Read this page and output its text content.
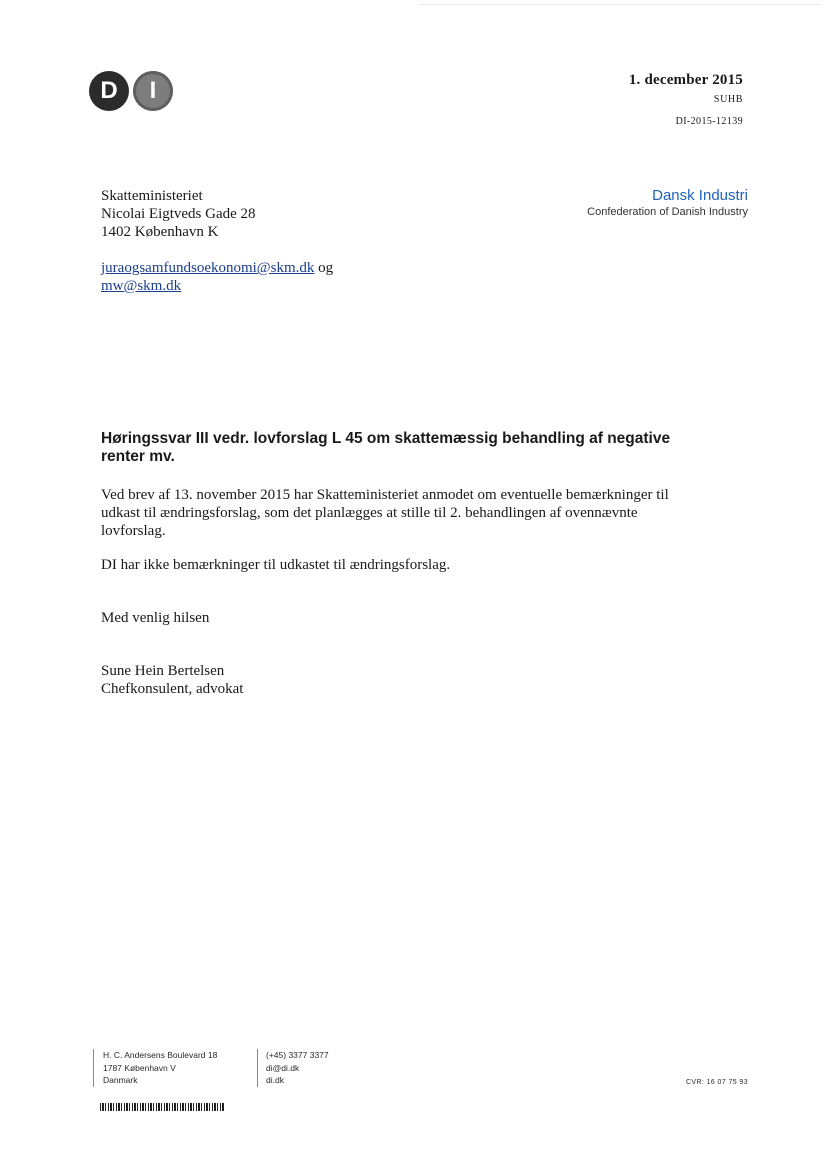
D	I	1. december 2015
SUHB
DI-2015-12139
Skatteministeriet
Nicolai Eigtveds Gade 28
1402 København K
juraogsamfundsoekonomi@skm.dk og
mw@skm.dk
Dansk Industri
Confederation of Danish Industry
Høringssvar III vedr. lovforslag L 45 om skattemæssig behandling af negative renter mv.
Ved brev af 13. november 2015 har Skatteministeriet anmodet om eventuelle bemærkninger til udkast til ændringsforslag, som det planlægges at stille til 2. behandlingen af ovennævnte lovforslag.
DI har ikke bemærkninger til udkastet til ændringsforslag.
Med venlig hilsen
Sune Hein Bertelsen
Chefkonsulent, advokat
H. C. Andersens Boulevard 18
1787 København V
Danmark
(+45) 3377 3377
di@di.dk
di.dk	CVR: 16 07 75 93
